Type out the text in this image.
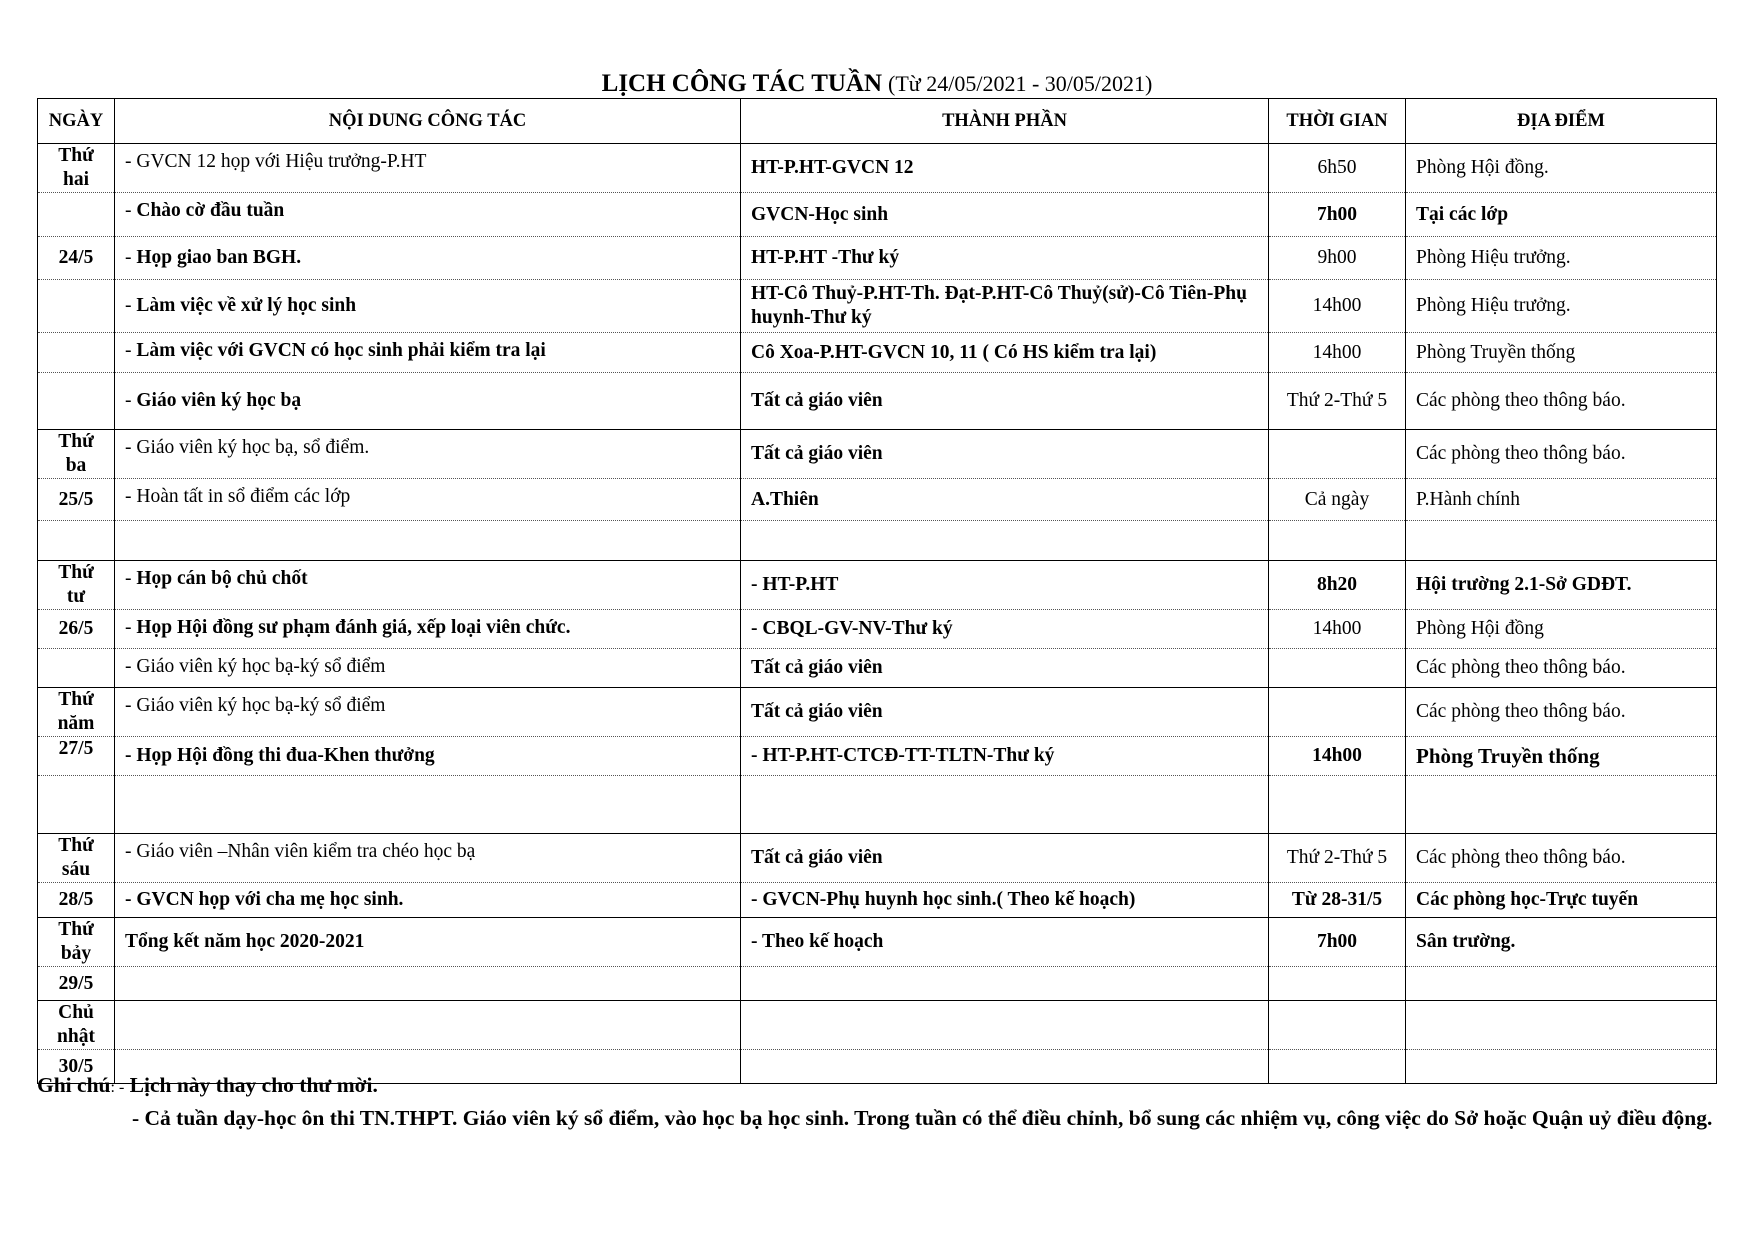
LỊCH CÔNG TÁC TUẦN (Từ 24/05/2021 - 30/05/2021)
NGÀY	NỘI DUNG CÔNG TÁC	THÀNH PHẦN	THỜI GIAN	ĐỊA ĐIỂM
Thứ hai	- GVCN 12 họp với Hiệu trưởng-P.HT	HT-P.HT-GVCN 12	6h50	Phòng Hội đồng.
	- Chào cờ đầu tuần	GVCN-Học sinh	7h00	Tại các lớp
24/5	- Họp giao ban BGH.	HT-P.HT -Thư ký	9h00	Phòng Hiệu trưởng.
	- Làm việc về xử lý học sinh	HT-Cô Thuỷ-P.HT-Th. Đạt-P.HT-Cô Thuỷ(sử)-Cô Tiên-Phụ huynh-Thư ký	14h00	Phòng Hiệu trưởng.
	- Làm việc với GVCN có học sinh phải kiểm tra lại	Cô Xoa-P.HT-GVCN 10, 11 ( Có HS kiểm tra lại)	14h00	Phòng Truyền thống
	- Giáo viên ký học bạ	Tất cả giáo viên	Thứ 2-Thứ 5	Các phòng theo thông báo.
Thứ ba	- Giáo viên ký học bạ, sổ điểm.	Tất cả giáo viên		Các phòng theo thông báo.
25/5	- Hoàn tất in sổ điểm các lớp	A.Thiên	Cả ngày	P.Hành chính

Thứ tư	- Họp cán bộ chủ chốt	- HT-P.HT	8h20	Hội trường 2.1-Sở GDĐT.
26/5	- Họp Hội đồng sư phạm đánh giá, xếp loại viên chức.	- CBQL-GV-NV-Thư ký	14h00	Phòng Hội đồng
	- Giáo viên ký học bạ-ký sổ điểm	Tất cả giáo viên		Các phòng theo thông báo.
Thứ năm	- Giáo viên ký học bạ-ký sổ điểm	Tất cả giáo viên		Các phòng theo thông báo.
27/5	- Họp Hội đồng thi đua-Khen thưởng	- HT-P.HT-CTCĐ-TT-TLTN-Thư ký	14h00	Phòng Truyền thống

Thứ sáu	- Giáo viên –Nhân viên kiểm tra chéo học bạ	Tất cả giáo viên	Thứ 2-Thứ 5	Các phòng theo thông báo.
28/5	- GVCN họp với cha mẹ học sinh.	- GVCN-Phụ huynh học sinh.( Theo kế hoạch)	Từ 28-31/5	Các phòng học-Trực tuyến
Thứ bảy	Tổng kết năm học 2020-2021	- Theo kế hoạch	7h00	Sân trường.
29/5				
Chủ nhật				
30/5				
Ghi chú: - Lịch này thay cho thư mời.
- Cả tuần dạy-học ôn thi TN.THPT. Giáo viên ký sổ điểm, vào học bạ học sinh. Trong tuần có thể điều chỉnh, bổ sung các nhiệm vụ, công việc do Sở hoặc Quận uỷ điều động.
